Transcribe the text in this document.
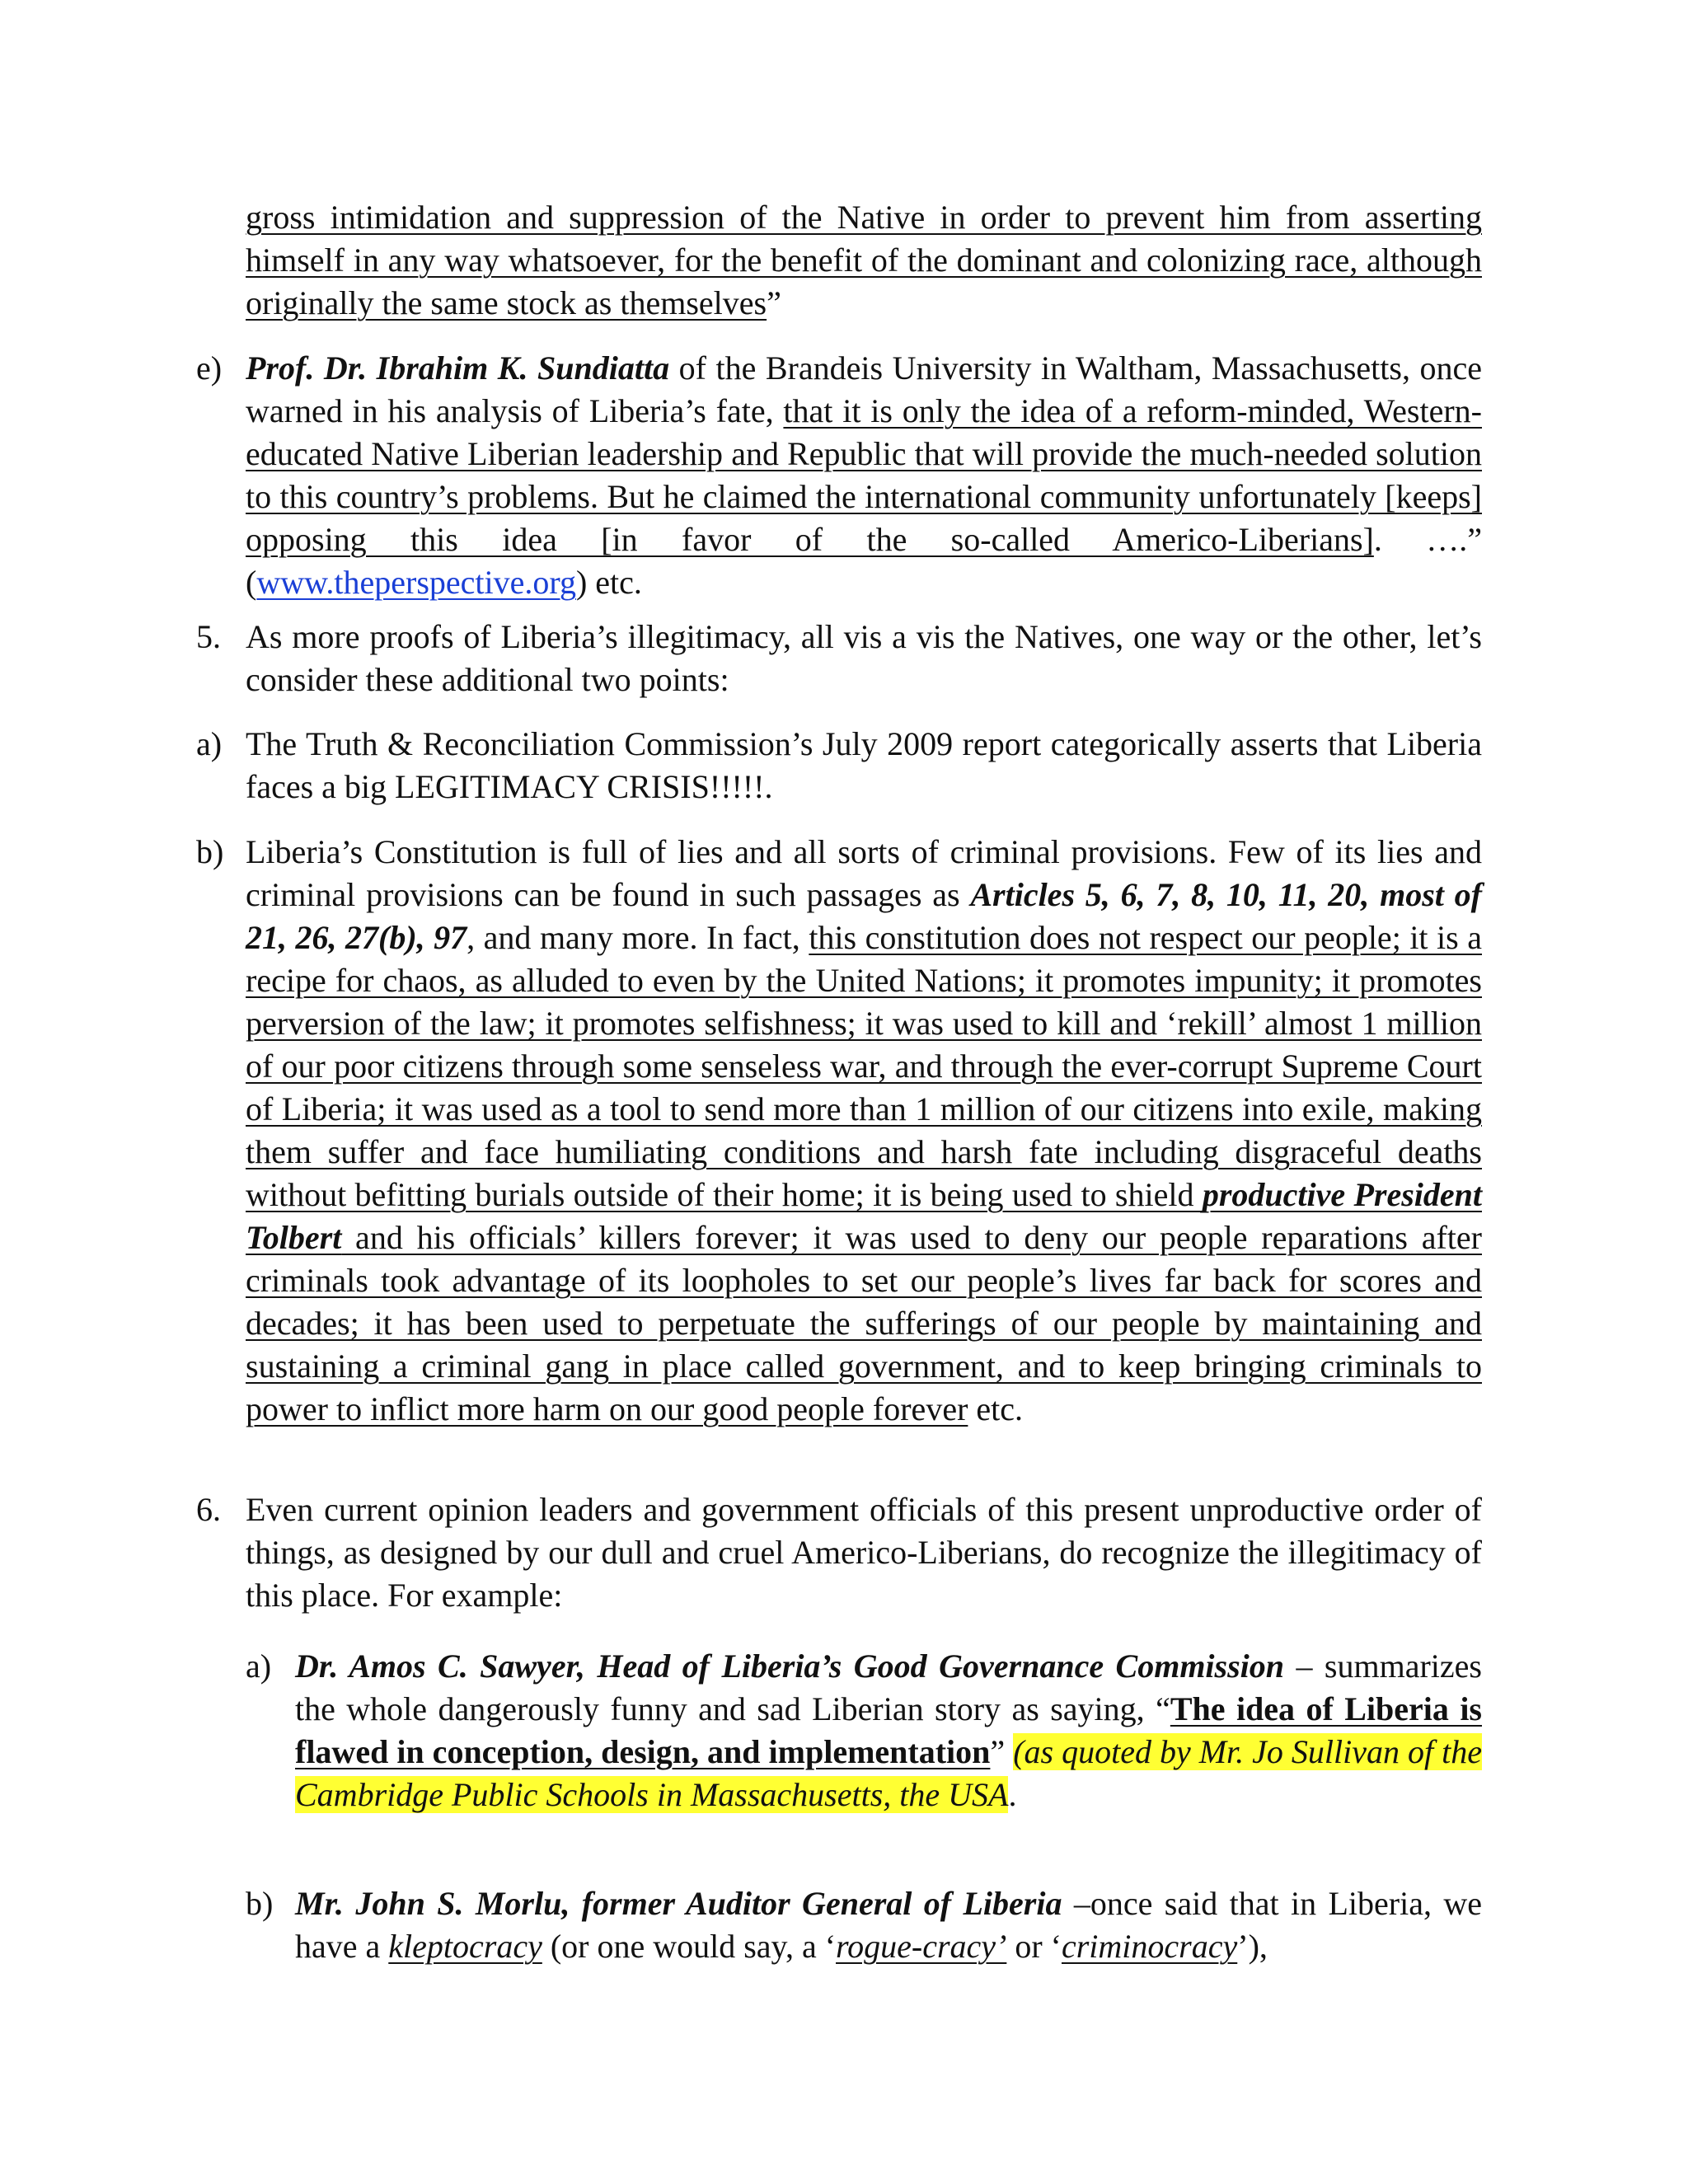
gross intimidation and suppression of the Native in order to prevent him from asserting himself in any way whatsoever, for the benefit of the dominant and colonizing race, although originally the same stock as themselves”
e) Prof. Dr. Ibrahim K. Sundiatta of the Brandeis University in Waltham, Massachusetts, once warned in his analysis of Liberia’s fate, that it is only the idea of a reform-minded, Western-educated Native Liberian leadership and Republic that will provide the much-needed solution to this country’s problems. But he claimed the international community unfortunately [keeps] opposing this idea [in favor of the so-called Americo-Liberians]. ….” (www.theperspective.org) etc.
5. As more proofs of Liberia’s illegitimacy, all vis a vis the Natives, one way or the other, let’s consider these additional two points:
a) The Truth & Reconciliation Commission’s July 2009 report categorically asserts that Liberia faces a big LEGITIMACY CRISIS!!!!!.
b) Liberia’s Constitution is full of lies and all sorts of criminal provisions. Few of its lies and criminal provisions can be found in such passages as Articles 5, 6, 7, 8, 10, 11, 20, most of 21, 26, 27(b), 97, and many more. In fact, this constitution does not respect our people; it is a recipe for chaos, as alluded to even by the United Nations; it promotes impunity; it promotes perversion of the law; it promotes selfishness; it was used to kill and ‘rekill’ almost 1 million of our poor citizens through some senseless war, and through the ever-corrupt Supreme Court of Liberia; it was used as a tool to send more than 1 million of our citizens into exile, making them suffer and face humiliating conditions and harsh fate including disgraceful deaths without befitting burials outside of their home; it is being used to shield productive President Tolbert and his officials’ killers forever; it was used to deny our people reparations after criminals took advantage of its loopholes to set our people’s lives far back for scores and decades; it has been used to perpetuate the sufferings of our people by maintaining and sustaining a criminal gang in place called government, and to keep bringing criminals to power to inflict more harm on our good people forever etc.
6. Even current opinion leaders and government officials of this present unproductive order of things, as designed by our dull and cruel Americo-Liberians, do recognize the illegitimacy of this place. For example:
a) Dr. Amos C. Sawyer, Head of Liberia’s Good Governance Commission – summarizes the whole dangerously funny and sad Liberian story as saying, “The idea of Liberia is flawed in conception, design, and implementation” (as quoted by Mr. Jo Sullivan of the Cambridge Public Schools in Massachusetts, the USA.
b) Mr. John S. Morlu, former Auditor General of Liberia –once said that in Liberia, we have a kleptocracy (or one would say, a ‘rogue-cracy’ or ‘criminocracy’),
